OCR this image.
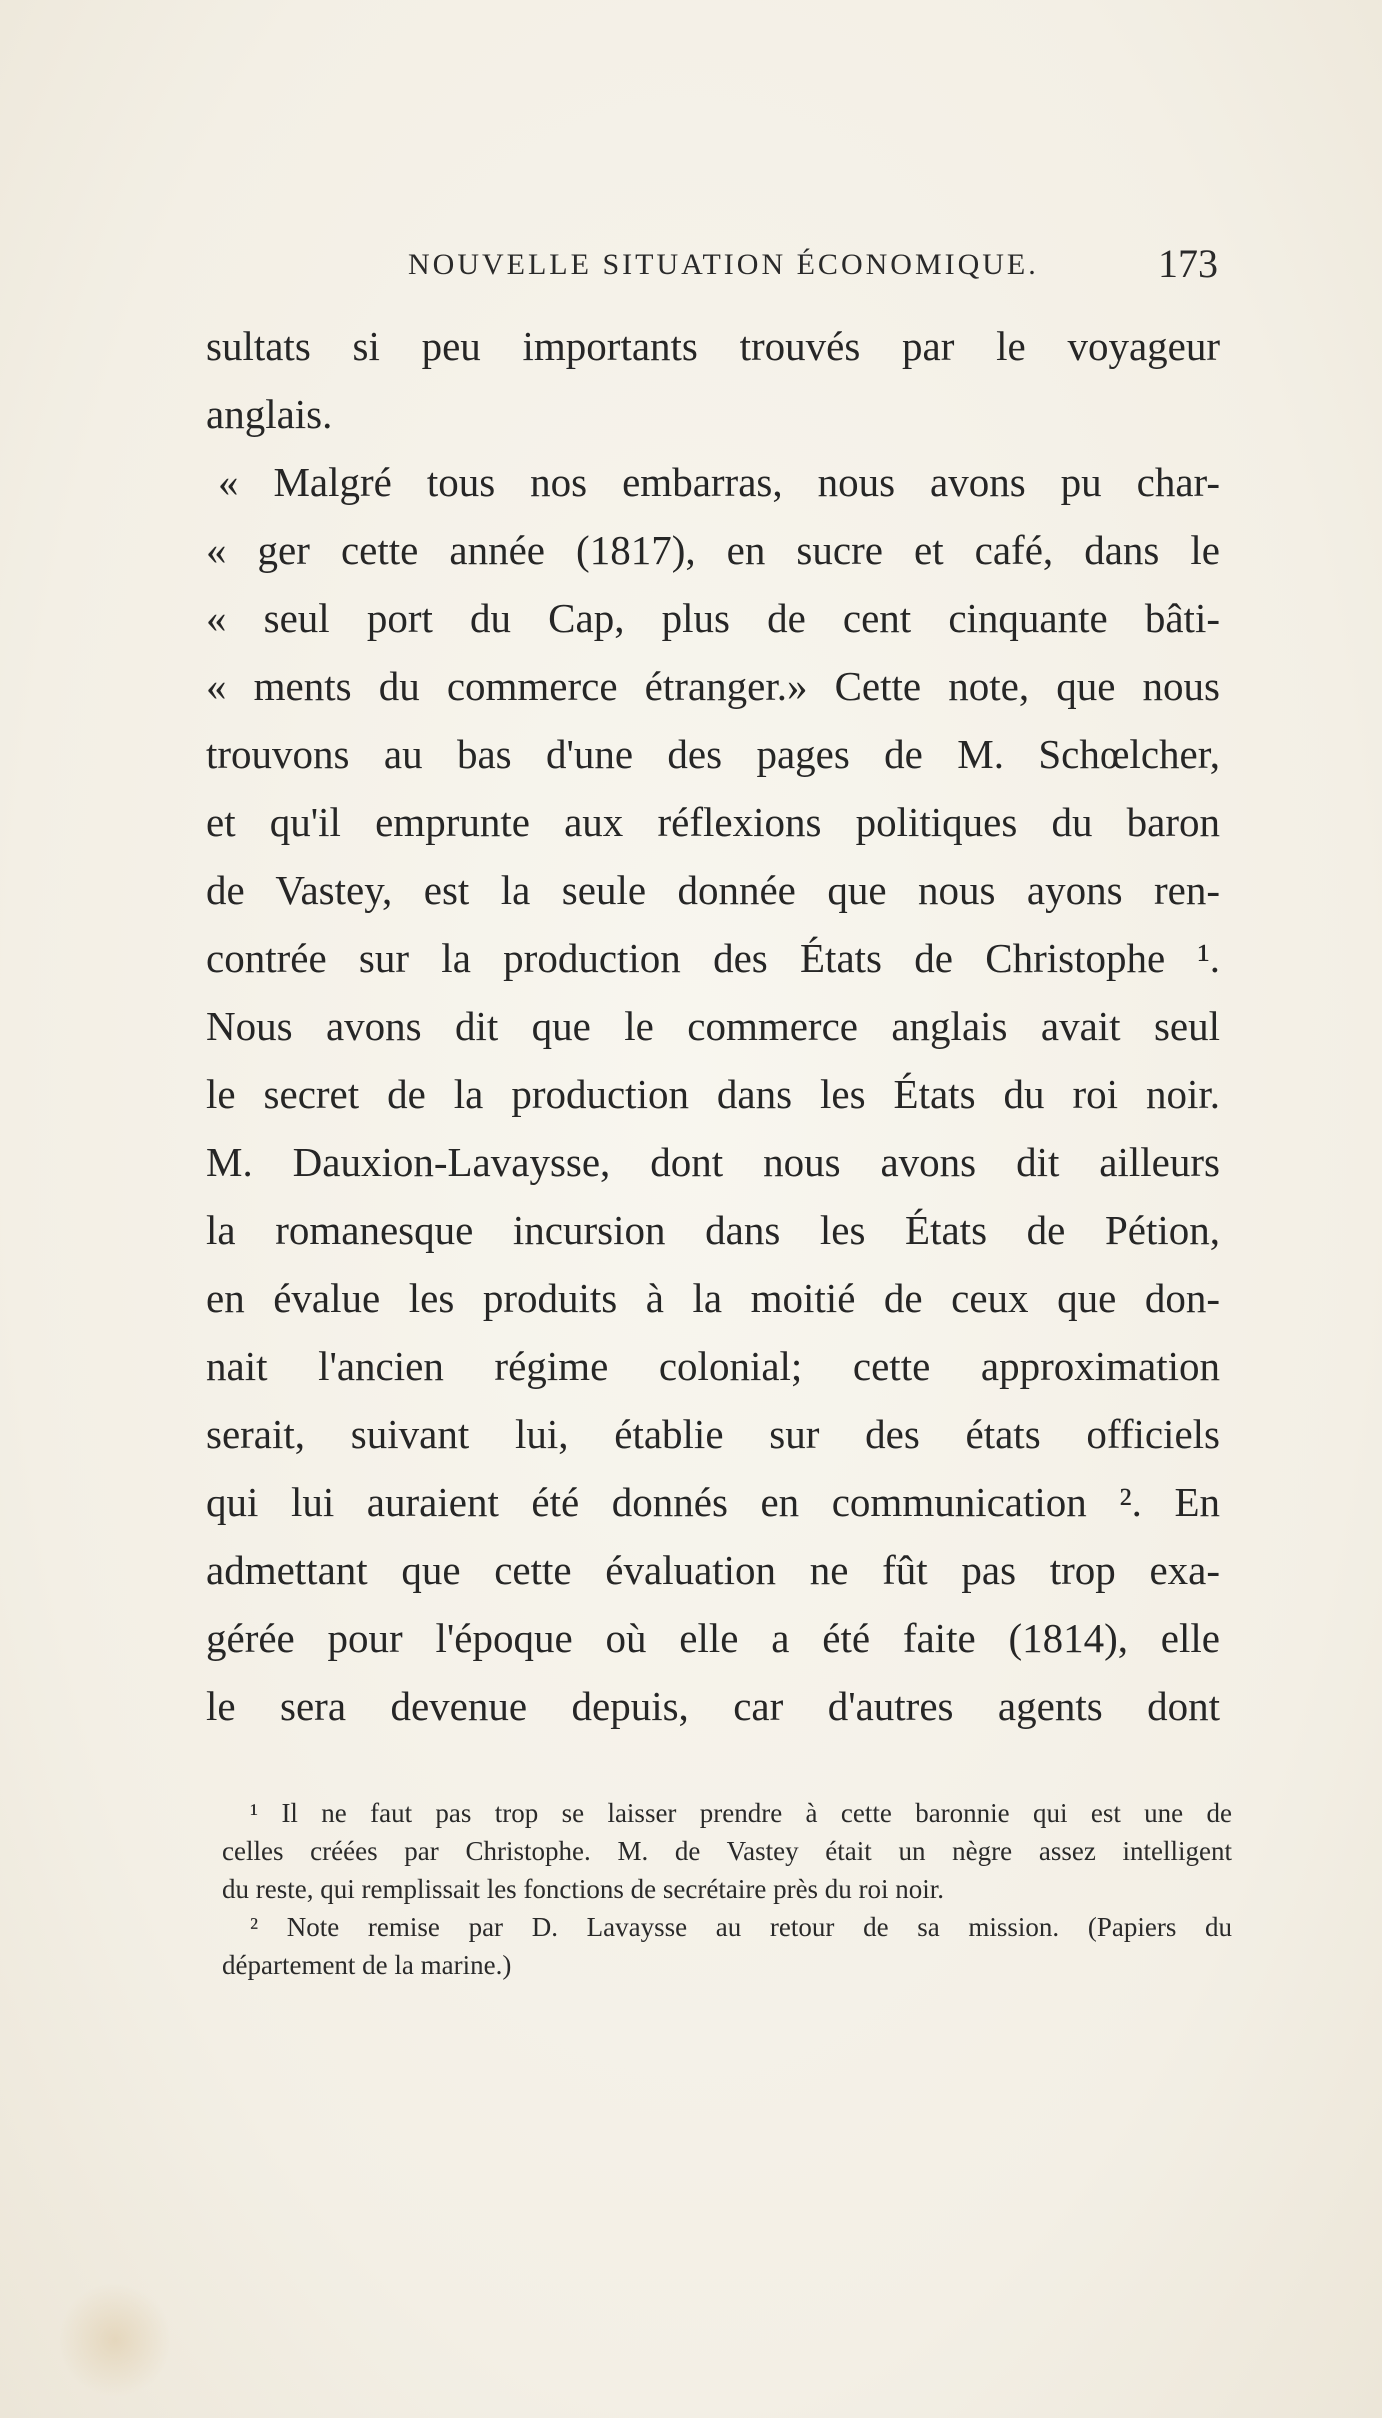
NOUVELLE SITUATION ÉCONOMIQUE.	173
sultats si peu importants trouvés par le voyageur
anglais.
« Malgré tous nos embarras, nous avons pu char-
« ger cette année (1817), en sucre et café, dans le
« seul port du Cap, plus de cent cinquante bâti-
« ments du commerce étranger.» Cette note, que nous
trouvons au bas d'une des pages de M. Schœlcher,
et qu'il emprunte aux réflexions politiques du baron
de Vastey, est la seule donnée que nous ayons ren-
contrée sur la production des États de Christophe ¹.
Nous avons dit que le commerce anglais avait seul
le secret de la production dans les États du roi noir.
M. Dauxion-Lavaysse, dont nous avons dit ailleurs
la romanesque incursion dans les États de Pétion,
en évalue les produits à la moitié de ceux que don-
nait l'ancien régime colonial; cette approximation
serait, suivant lui, établie sur des états officiels
qui lui auraient été donnés en communication ². En
admettant que cette évaluation ne fût pas trop exa-
gérée pour l'époque où elle a été faite (1814), elle
le sera devenue depuis, car d'autres agents dont
¹ Il ne faut pas trop se laisser prendre à cette baronnie qui est une de
celles créées par Christophe. M. de Vastey était un nègre assez intelligent
du reste, qui remplissait les fonctions de secrétaire près du roi noir.
² Note remise par D. Lavaysse au retour de sa mission. (Papiers du
département de la marine.)
